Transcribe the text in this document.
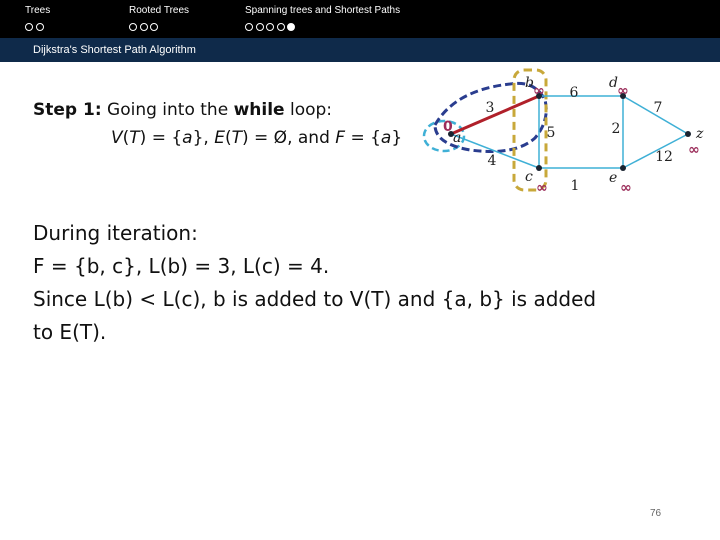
Trees	Rooted Trees	Spanning trees and Shortest Paths
Dijkstra's Shortest Path Algorithm
Step 1: Going into the while loop:
V(T) = {a}, E(T) = Ø, and F = {a}
3
4
5
6
1
2
7
12
a
0
b ∞
c
∞
d ∞
e
∞
z
∞

During iteration:

F = {b, c}, L(b) = 3, L(c) = 4.

Since L(b) < L(c), b is added to V(T) and {a, b} is added

to E(T).

76
